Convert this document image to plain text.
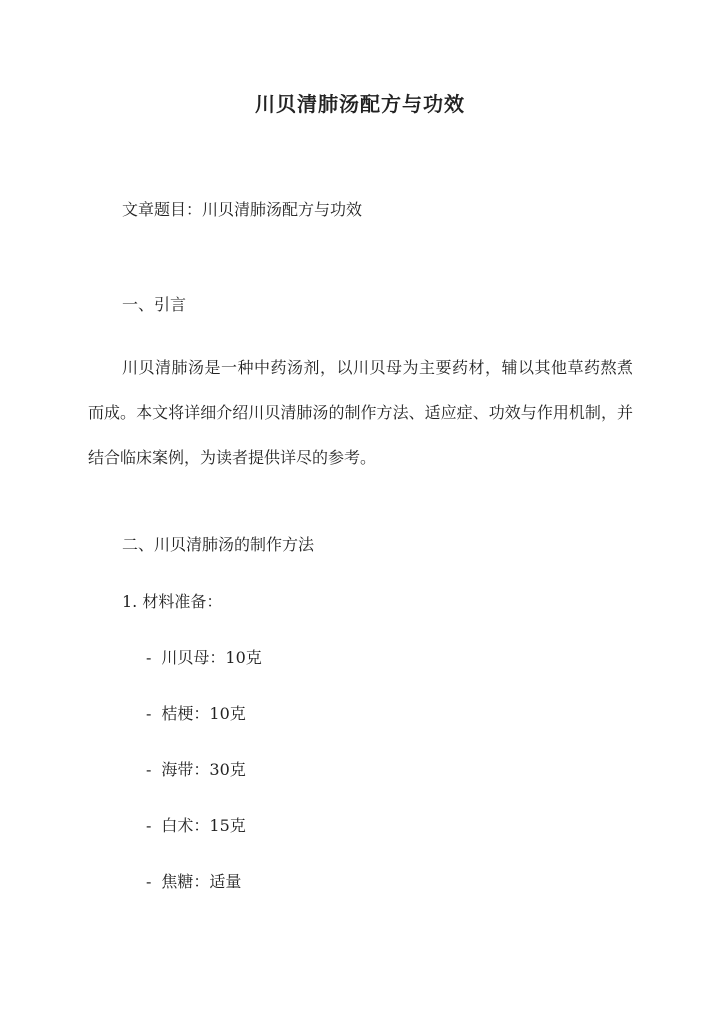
川贝清肺汤配方与功效
文章题目：川贝清肺汤配方与功效
一、引言
川贝清肺汤是一种中药汤剂，以川贝母为主要药材，辅以其他草药熬煮而成。本文将详细介绍川贝清肺汤的制作方法、适应症、功效与作用机制，并结合临床案例，为读者提供详尽的参考。
二、川贝清肺汤的制作方法
1. 材料准备：
- 川贝母：10克
- 桔梗：10克
- 海带：30克
- 白术：15克
- 焦糖：适量
